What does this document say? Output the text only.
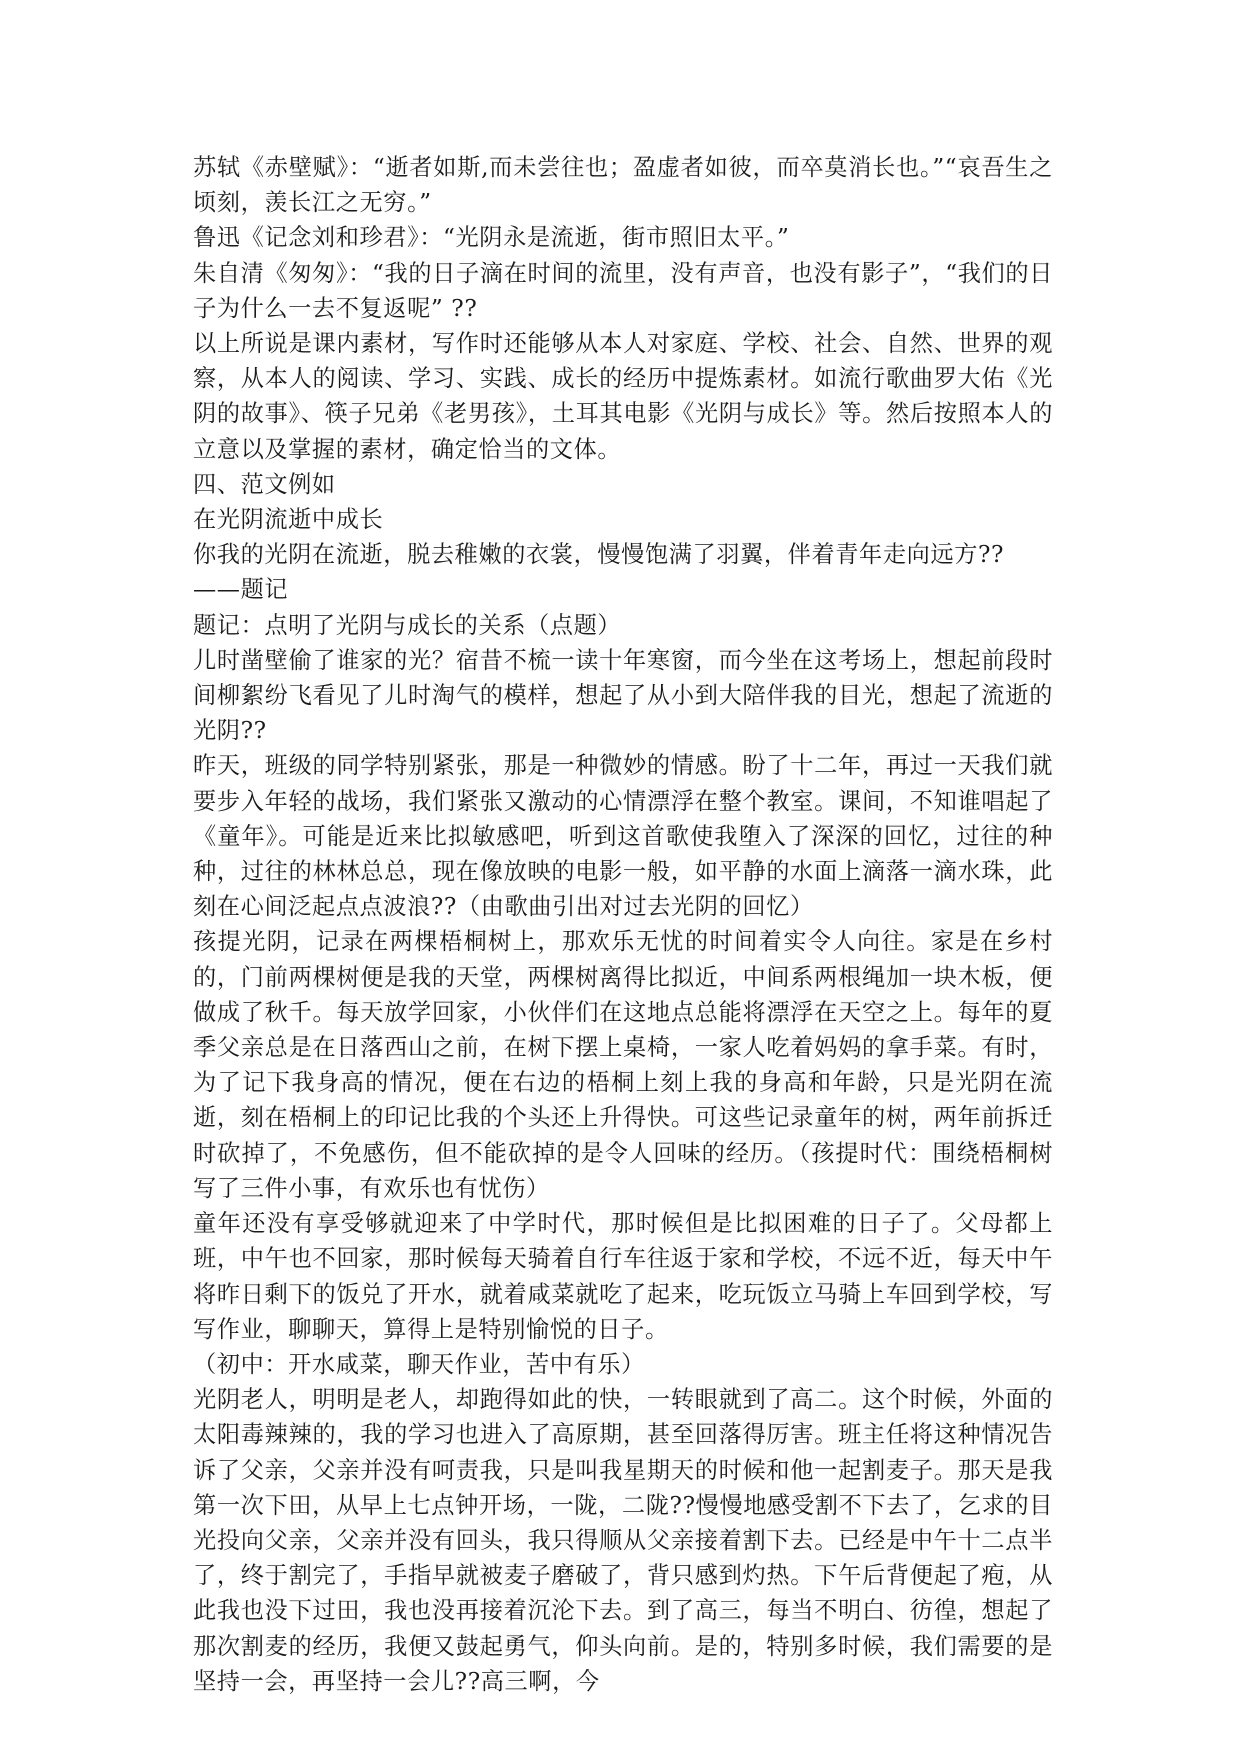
苏轼《赤壁赋》：“逝者如斯,而未尝往也；盈虚者如彼，而卒莫消长也。”“哀吾生之顷刻，羡长江之无穷。”

鲁迅《记念刘和珍君》：“光阴永是流逝，街市照旧太平。”

朱自清《匆匆》：“我的日子滴在时间的流里，没有声音，也没有影子”，“我们的日子为什么一去不复返呢” ??

以上所说是课内素材，写作时还能够从本人对家庭、学校、社会、自然、世界的观察，从本人的阅读、学习、实践、成长的经历中提炼素材。如流行歌曲罗大佑《光阴的故事》、筷子兄弟《老男孩》，土耳其电影《光阴与成长》等。然后按照本人的立意以及掌握的素材，确定恰当的文体。

四、范文例如

在光阴流逝中成长

你我的光阴在流逝，脱去稚嫩的衣裳，慢慢饱满了羽翼，伴着青年走向远方??

——题记

题记：点明了光阴与成长的关系（点题）

儿时凿壁偷了谁家的光？宿昔不梳一读十年寒窗，而今坐在这考场上，想起前段时间柳絮纷飞看见了儿时淘气的模样，想起了从小到大陪伴我的目光，想起了流逝的光阴??

昨天，班级的同学特别紧张，那是一种微妙的情感。盼了十二年，再过一天我们就要步入年轻的战场，我们紧张又激动的心情漂浮在整个教室。课间，不知谁唱起了《童年》。可能是近来比拟敏感吧，听到这首歌使我堕入了深深的回忆，过往的种种，过往的林林总总，现在像放映的电影一般，如平静的水面上滴落一滴水珠，此刻在心间泛起点点波浪??（由歌曲引出对过去光阴的回忆）

孩提光阴，记录在两棵梧桐树上，那欢乐无忧的时间着实令人向往。家是在乡村的，门前两棵树便是我的天堂，两棵树离得比拟近，中间系两根绳加一块木板，便做成了秋千。每天放学回家，小伙伴们在这地点总能将漂浮在天空之上。每年的夏季父亲总是在日落西山之前，在树下摆上桌椅，一家人吃着妈妈的拿手菜。有时，为了记下我身高的情况，便在右边的梧桐上刻上我的身高和年龄，只是光阴在流逝，刻在梧桐上的印记比我的个头还上升得快。可这些记录童年的树，两年前拆迁时砍掉了，不免感伤，但不能砍掉的是令人回味的经历。（孩提时代：围绕梧桐树写了三件小事，有欢乐也有忧伤）

童年还没有享受够就迎来了中学时代，那时候但是比拟困难的日子了。父母都上班，中午也不回家，那时候每天骑着自行车往返于家和学校，不远不近，每天中午将昨日剩下的饭兑了开水，就着咸菜就吃了起来，吃玩饭立马骑上车回到学校，写写作业，聊聊天，算得上是特别愉悦的日子。

（初中：开水咸菜，聊天作业，苦中有乐）

光阴老人，明明是老人，却跑得如此的快，一转眼就到了高二。这个时候，外面的太阳毒辣辣的，我的学习也进入了高原期，甚至回落得厉害。班主任将这种情况告诉了父亲，父亲并没有呵责我，只是叫我星期天的时候和他一起割麦子。那天是我第一次下田，从早上七点钟开场，一陇，二陇??慢慢地感受割不下去了，乞求的目光投向父亲，父亲并没有回头，我只得顺从父亲接着割下去。已经是中午十二点半了，终于割完了，手指早就被麦子磨破了，背只感到灼热。下午后背便起了疱，从此我也没下过田，我也没再接着沉沦下去。到了高三，每当不明白、彷徨，想起了那次割麦的经历，我便又鼓起勇气，仰头向前。是的，特别多时候，我们需要的是坚持一会，再坚持一会儿??高三啊，今
